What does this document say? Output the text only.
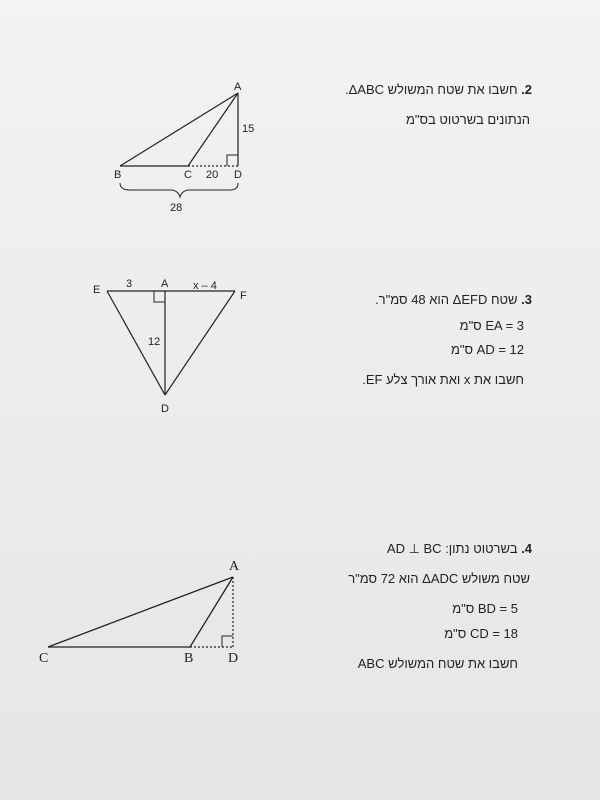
2. חשבו את שטח המשולש ΔABC.
הנתונים בשרטוט בס"מ
A
B	C	D
15
20
28
3. שטח ΔEFD הוא 48 סמ"ר.
EA = 3 ס"מ
AD = 12 ס"מ
חשבו את x ואת אורך צלע EF.
E	A
F
D
3	x – 4
12
4. בשרטוט נתון: AD ⊥ BC
שטח משולש ΔADC הוא 72 סמ"ר
BD = 5 ס"מ
CD = 18 ס"מ
חשבו את שטח המשולש ABC
A
C	B D
